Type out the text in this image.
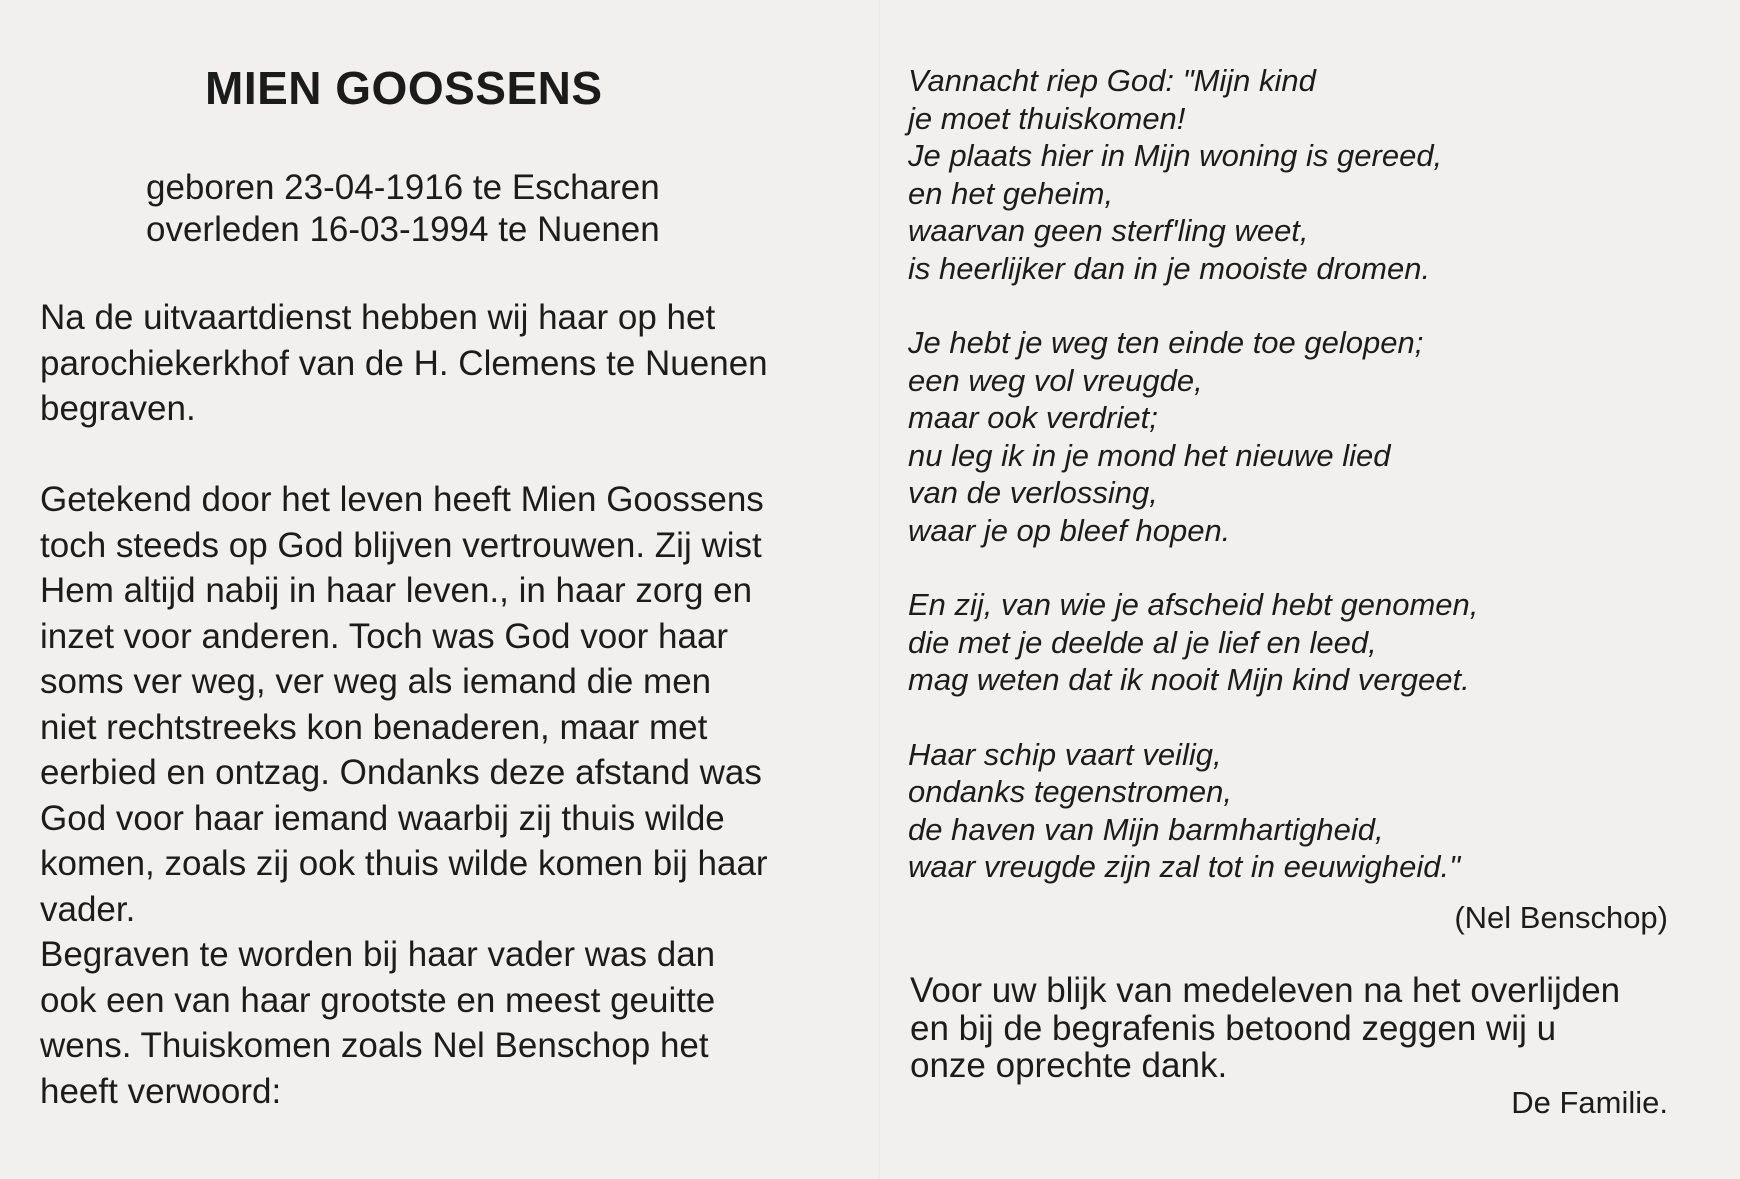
MIEN GOOSSENS
geboren 23-04-1916 te Escharen
overleden 16-03-1994 te Nuenen
Na de uitvaartdienst hebben wij haar op het
parochiekerkhof van de H. Clemens te Nuenen
begraven.
Getekend door het leven heeft Mien Goossens
toch steeds op God blijven vertrouwen. Zij wist
Hem altijd nabij in haar leven., in haar zorg en
inzet voor anderen. Toch was God voor haar
soms ver weg, ver weg als iemand die men
niet rechtstreeks kon benaderen, maar met
eerbied en ontzag. Ondanks deze afstand was
God voor haar iemand waarbij zij thuis wilde
komen, zoals zij ook thuis wilde komen bij haar
vader.
Begraven te worden bij haar vader was dan
ook een van haar grootste en meest geuitte
wens. Thuiskomen zoals Nel Benschop het
heeft verwoord:
Vannacht riep God: "Mijn kind
je moet thuiskomen!
Je plaats hier in Mijn woning is gereed,
en het geheim,
waarvan geen sterf'ling weet,
is heerlijker dan in je mooiste dromen.
Je hebt je weg ten einde toe gelopen;
een weg vol vreugde,
maar ook verdriet;
nu leg ik in je mond het nieuwe lied
van de verlossing,
waar je op bleef hopen.
En zij, van wie je afscheid hebt genomen,
die met je deelde al je lief en leed,
mag weten dat ik nooit Mijn kind vergeet.
Haar schip vaart veilig,
ondanks tegenstromen,
de haven van Mijn barmhartigheid,
waar vreugde zijn zal tot in eeuwigheid."
(Nel Benschop)
Voor uw blijk van medeleven na het overlijden
en bij de begrafenis betoond zeggen wij u
onze oprechte dank.
De Familie.
